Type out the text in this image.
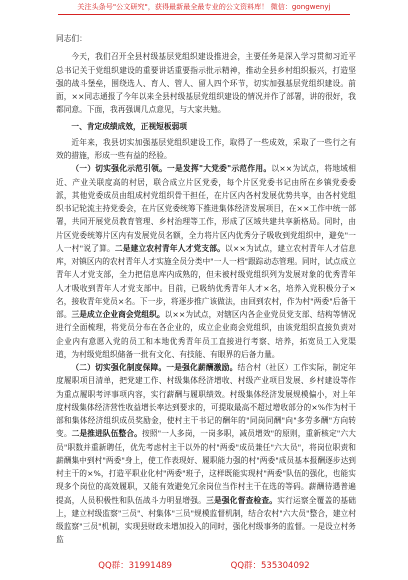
关注头条号"公文研究"，获得最新最全最专业的公文资料库！ 微信：gongwenyj

同志们：

今天，我们召开全县村级基层党组织建设推进会，主要任务是深入学习贯彻习近平总书记关于党组织建设的重要讲话重要指示批示精神，推动全县乡村组织振兴，打造坚强的战斗堡垒，围绕选人、育人、管人、留人四个环节，切实加强基层党组织建设。前面，××同志通报了今年以来全县村级基层党组织建设的情况并作了部署，讲的很好，我都同意。下面，我再强调几点意见，与大家共勉。

一、肯定成绩成效，正视短板弱项

近年来，我县切实加强基层党组织建设工作，取得了一些成效，采取了一些行之有效的措施，形成一些有益的经验。

（一）切实强化示范引领。一是发挥"大党委"示范作用。以××为试点，将地域相近、产业关联度高的村居，联合成立片区党委，每个片区党委书记由所在乡镇党委委派，其他党委成员由组成村党组织骨干担任，在片区内各村发展优势共享，由各村党组织书记轮流主持党委会，在片区党委统筹下推进集体经济发展项目，在××工作中统一部署，共同开展党员教育管理、乡村治理等工作，形成了区域共建共享新格局。同时，由片区党委统筹片区内有发展党员名额，全力将片区内优秀分子吸收到党组织中，避免"一人一村"说了算。二是建立农村青年人才党支部。以××为试点，建立农村青年人才信息库，对镇区内的农村青年人才实施全员分类中"一人一档"跟踪动态管理。同时，试点成立青年人才党支部，全力把信息库内成熟的，但未被村级党组织列为发展对象的优秀青年人才吸收到青年人才党支部中。目前，已吸纳优秀青年人才×名，培养入党积极分子×名，接收青年党员×名。下一步，将逐步推广该做法，由回到农村，作为村"两委"后备干部。三是成立企业商会党组织。以××为试点，对辖区内各企业党员党支部、结构等情况进行全面梳理，将党员分布在各企业的，成立企业商会党组织，由该党组织直接负责对企业内有意愿入党的员工和本地优秀青年员工直接进行考察、培养，拓宽员工入党渠道，为村级党组织储备一批有文化、有技能、有眼界的后备力量。

（二）切实强化制度保障。一是强化薪酬激励。结合村（社区）工作实际，制定年度履职项目清单，把党建工作、村级集体经济增收、村级产业项目发展、乡村建设等作为重点履职考评事项内容，实行薪酬与履职绩效。村级集体经济发展规模偏小，对上年度村级集体经济营性收益增长率达到要求的，可提取最高不超过增收部分的×%作为村干部和集体经济组织成员奖励金，使村主干书记的酬年的"同岗同酬"向"多劳多酬"方向转变。二是推进队伍整合。按照"一人多岗，一岗多职，减员增效"的原则，重新核定"六大员"职数并重新聘任，优先考虑村主干以外的村"两委"成员兼任"六大员"，将岗位职责和薪酬集中到村"两委"身上，使工作表现好、履职能力强的村"两委"成员基本报酬逐步达到村主干的×%，打造平职业化村"两委"班子，这样既能实现村"两委"队伍的强化，也能实现多个岗位的高效履职，又能有效避免冗余岗位当作村主干在选的等码。薪酬待遇普遍提高，人员积极性和队伍战斗力明显增强。三是强化督查检查。实行运察全覆盖的基础上，建立村级监察"三员"、村集体"三员"规模监督机制，结合农村"六大员"整合，建立村级监察"三员"机制，实现县财政未增加投入的同时，强化村级事务的监督。一是设立村务监

QQ群：31991489	QQ群：535304092
